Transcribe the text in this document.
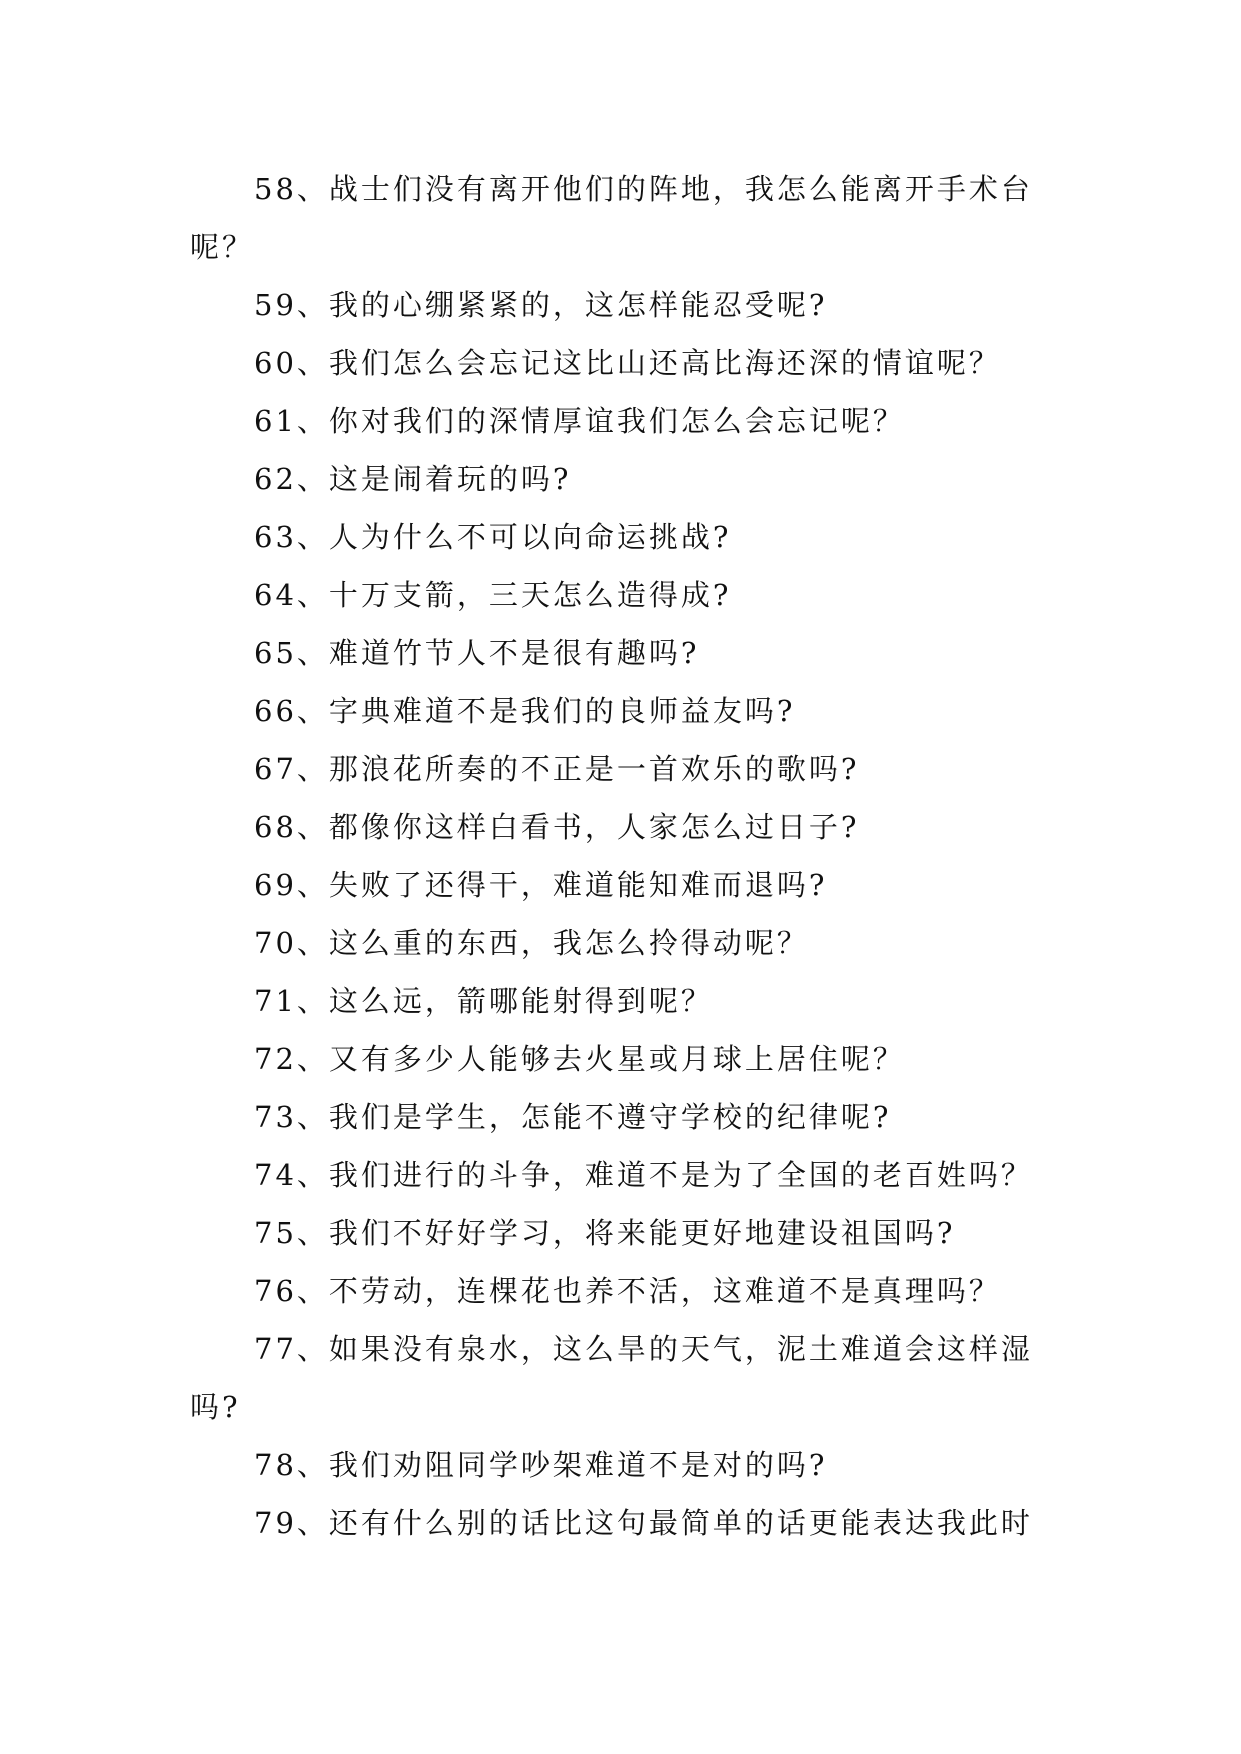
58、战士们没有离开他们的阵地，我怎么能离开手术台呢？

59、我的心绷紧紧的，这怎样能忍受呢?

60、我们怎么会忘记这比山还高比海还深的情谊呢？

61、你对我们的深情厚谊我们怎么会忘记呢？

62、这是闹着玩的吗?

63、人为什么不可以向命运挑战?

64、十万支箭，三天怎么造得成?

65、难道竹节人不是很有趣吗?

66、字典难道不是我们的良师益友吗?

67、那浪花所奏的不正是一首欢乐的歌吗?

68、都像你这样白看书，人家怎么过日子?

69、失败了还得干，难道能知难而退吗?

70、这么重的东西，我怎么拎得动呢？

71、这么远，箭哪能射得到呢？

72、又有多少人能够去火星或月球上居住呢？

73、我们是学生，怎能不遵守学校的纪律呢?

74、我们进行的斗争，难道不是为了全国的老百姓吗？

75、我们不好好学习，将来能更好地建设祖国吗?

76、不劳动，连棵花也养不活，这难道不是真理吗？

77、如果没有泉水，这么旱的天气，泥土难道会这样湿吗?

78、我们劝阻同学吵架难道不是对的吗?

79、还有什么别的话比这句最简单的话更能表达我此时
